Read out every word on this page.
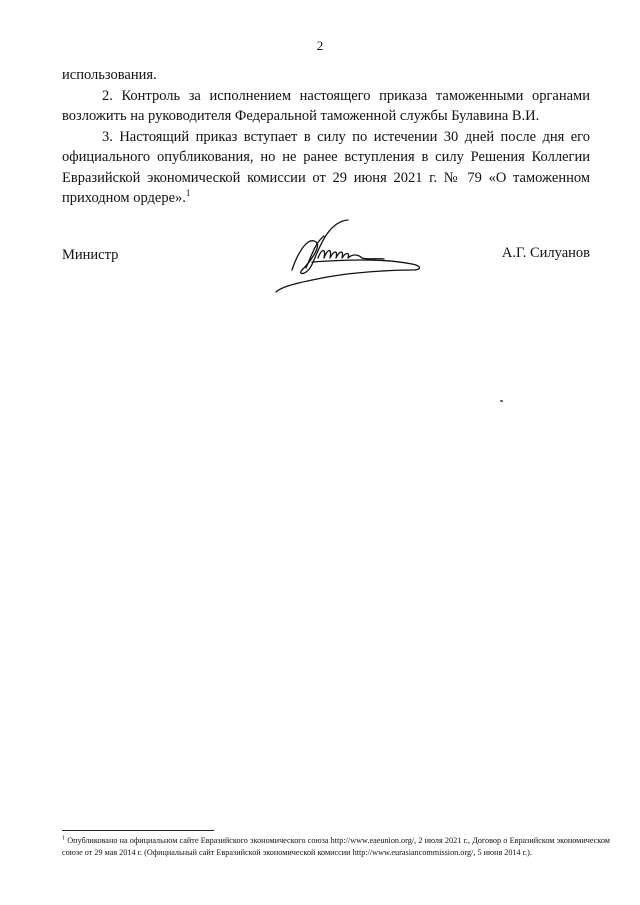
2

использования.

2. Контроль за исполнением настоящего приказа таможенными органами возложить на руководителя Федеральной таможенной службы Булавина В.И.

3. Настоящий приказ вступает в силу по истечении 30 дней после дня его официального опубликования, но не ранее вступления в силу Решения Коллегии Евразийской экономической комиссии от 29 июня 2021 г. № 79 «О таможенном приходном ордере».$^1$

Министр	А.Г. Силуанов
$^1$ Опубликовано на официальном сайте Евразийского экономического союза http://www.eaeunion.org/, 2 июля 2021 г., Договор о Евразийском экономическом союзе от 29 мая 2014 г. (Официальный сайт Евразийской экономической комиссии http://www.eurasiancommission.org/, 5 июня 2014 г.).
